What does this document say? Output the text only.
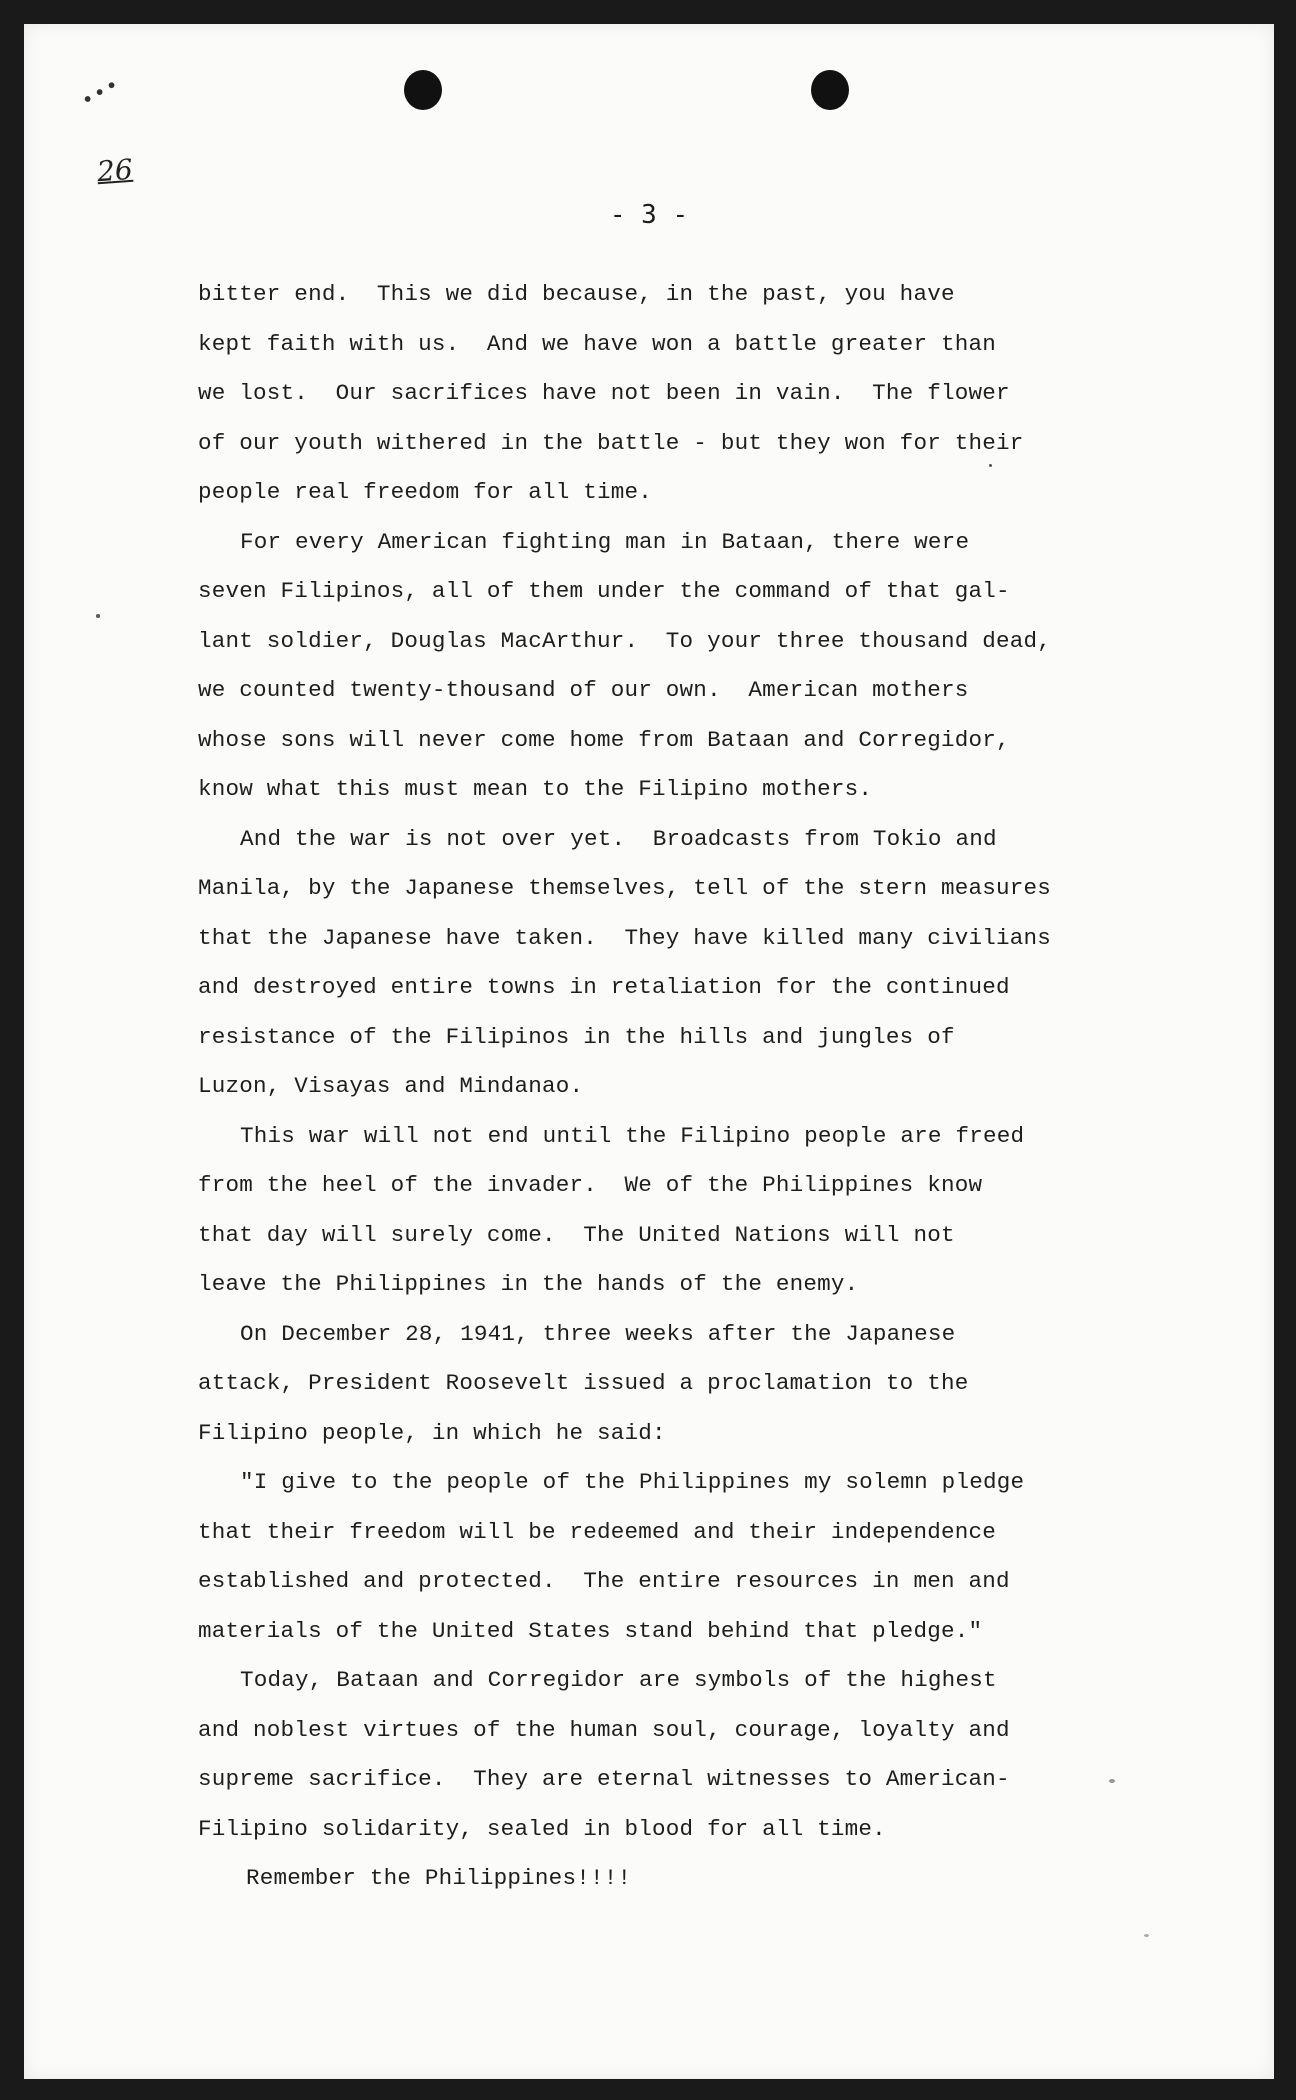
•••
26
- 3 -
bitter end.  This we did because, in the past, you have
kept faith with us.  And we have won a battle greater than
we lost.  Our sacrifices have not been in vain.  The flower
of our youth withered in the battle - but they won for their
people real freedom for all time.
For every American fighting man in Bataan, there were
seven Filipinos, all of them under the command of that gal-
lant soldier, Douglas MacArthur.  To your three thousand dead,
we counted twenty-thousand of our own.  American mothers
whose sons will never come home from Bataan and Corregidor,
know what this must mean to the Filipino mothers.
And the war is not over yet.  Broadcasts from Tokio and
Manila, by the Japanese themselves, tell of the stern measures
that the Japanese have taken.  They have killed many civilians
and destroyed entire towns in retaliation for the continued
resistance of the Filipinos in the hills and jungles of
Luzon, Visayas and Mindanao.
This war will not end until the Filipino people are freed
from the heel of the invader.  We of the Philippines know
that day will surely come.  The United Nations will not
leave the Philippines in the hands of the enemy.
On December 28, 1941, three weeks after the Japanese
attack, President Roosevelt issued a proclamation to the
Filipino people, in which he said:
"I give to the people of the Philippines my solemn pledge
that their freedom will be redeemed and their independence
established and protected.  The entire resources in men and
materials of the United States stand behind that pledge."
Today, Bataan and Corregidor are symbols of the highest
and noblest virtues of the human soul, courage, loyalty and
supreme sacrifice.  They are eternal witnesses to American-
Filipino solidarity, sealed in blood for all time.
Remember the Philippines!!!!
